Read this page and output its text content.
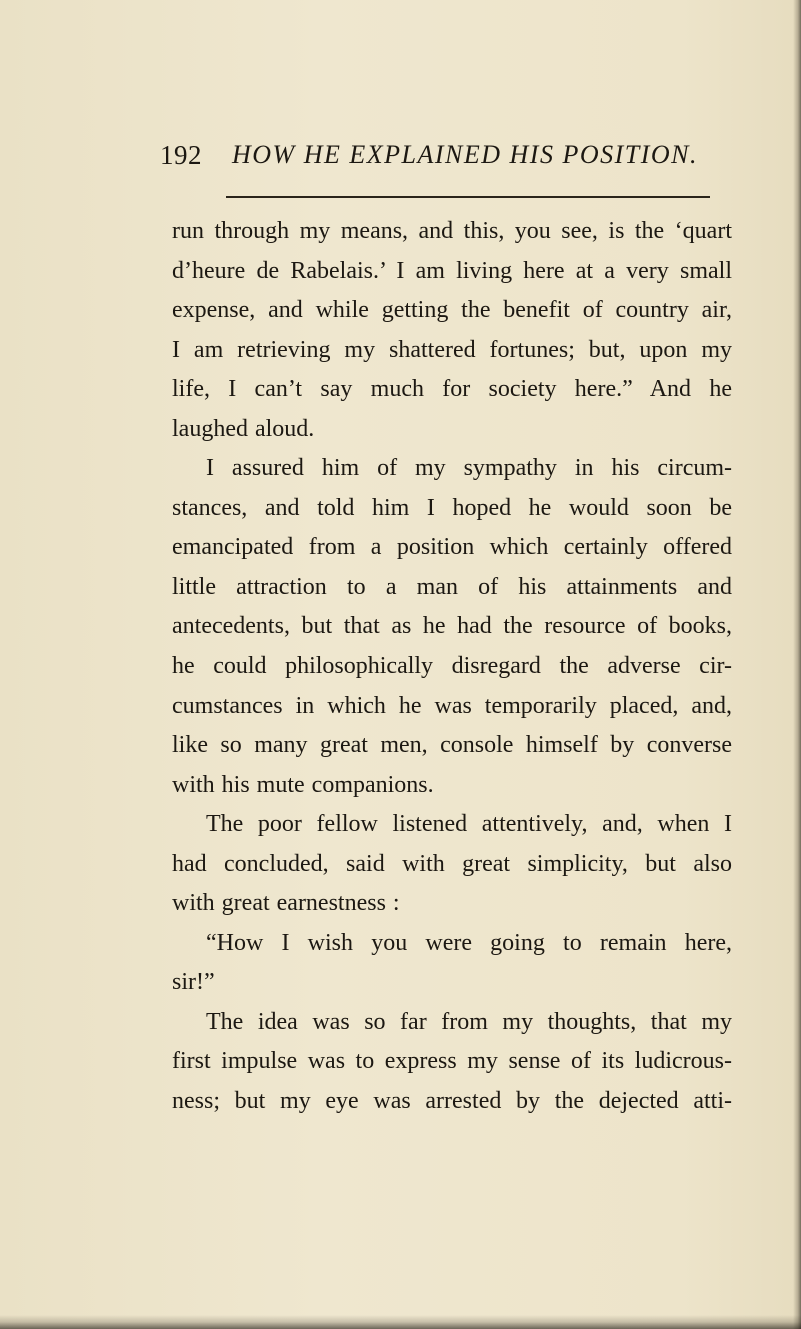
192 HOW HE EXPLAINED HIS POSITION.
run through my means, and this, you see, is the ‘quart
d’heure de Rabelais.’ I am living here at a very small
expense, and while getting the benefit of country air,
I am retrieving my shattered fortunes; but, upon my
life, I can’t say much for society here.” And he
laughed aloud.
I assured him of my sympathy in his circum-
stances, and told him I hoped he would soon be
emancipated from a position which certainly offered
little attraction to a man of his attainments and
antecedents, but that as he had the resource of books,
he could philosophically disregard the adverse cir-
cumstances in which he was temporarily placed, and,
like so many great men, console himself by converse
with his mute companions.
The poor fellow listened attentively, and, when I
had concluded, said with great simplicity, but also
with great earnestness :
“How I wish you were going to remain here,
sir!”
The idea was so far from my thoughts, that my
first impulse was to express my sense of its ludicrous-
ness; but my eye was arrested by the dejected atti-
